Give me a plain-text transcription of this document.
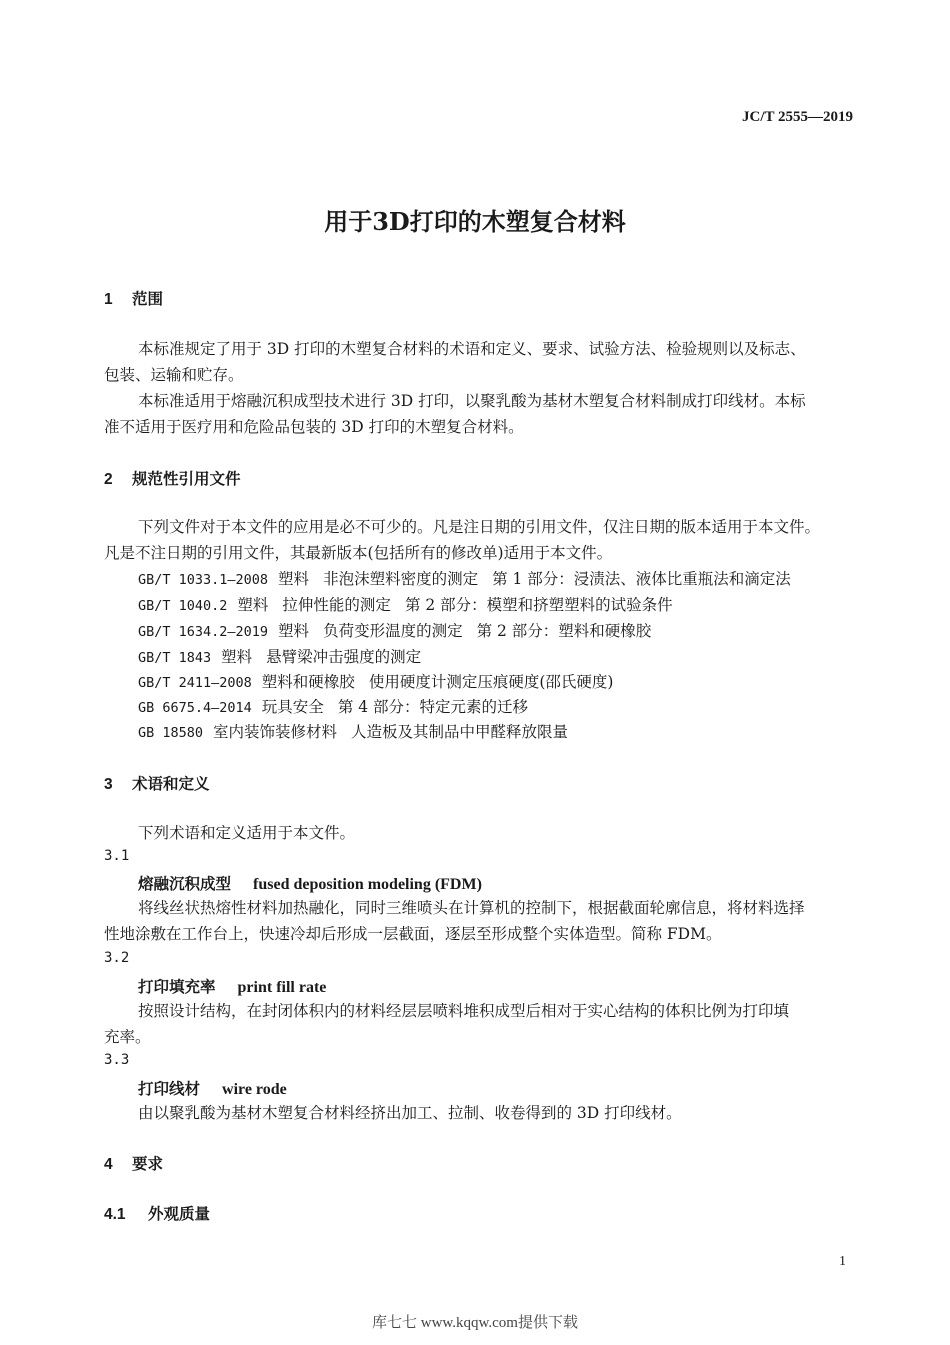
JC/T 2555—2019
用于3D打印的木塑复合材料
1 范围
本标准规定了用于 3D 打印的木塑复合材料的术语和定义、要求、试验方法、检验规则以及标志、
包装、运输和贮存。
本标准适用于熔融沉积成型技术进行 3D 打印，以聚乳酸为基材木塑复合材料制成打印线材。本标
准不适用于医疗用和危险品包装的 3D 打印的木塑复合材料。
2 规范性引用文件
下列文件对于本文件的应用是必不可少的。凡是注日期的引用文件，仅注日期的版本适用于本文件。
凡是不注日期的引用文件，其最新版本(包括所有的修改单)适用于本文件。
GB/T 1033.1—2008 塑料 非泡沫塑料密度的测定 第 1 部分：浸渍法、液体比重瓶法和滴定法
GB/T 1040.2 塑料 拉伸性能的测定 第 2 部分：模塑和挤塑塑料的试验条件
GB/T 1634.2—2019 塑料 负荷变形温度的测定 第 2 部分：塑料和硬橡胶
GB/T 1843 塑料 悬臂梁冲击强度的测定
GB/T 2411—2008 塑料和硬橡胶 使用硬度计测定压痕硬度(邵氏硬度)
GB 6675.4—2014 玩具安全 第 4 部分：特定元素的迁移
GB 18580 室内装饰装修材料 人造板及其制品中甲醛释放限量
3 术语和定义
下列术语和定义适用于本文件。
3.1
熔融沉积成型 fused deposition modeling (FDM)
将线丝状热熔性材料加热融化，同时三维喷头在计算机的控制下，根据截面轮廓信息，将材料选择
性地涂敷在工作台上，快速冷却后形成一层截面，逐层至形成整个实体造型。简称 FDM。
3.2
打印填充率 print fill rate
按照设计结构，在封闭体积内的材料经层层喷料堆积成型后相对于实心结构的体积比例为打印填
充率。
3.3
打印线材 wire rode
由以聚乳酸为基材木塑复合材料经挤出加工、拉制、收卷得到的 3D 打印线材。
4 要求
4.1 外观质量
1
库七七 www.kqqw.com提供下载
